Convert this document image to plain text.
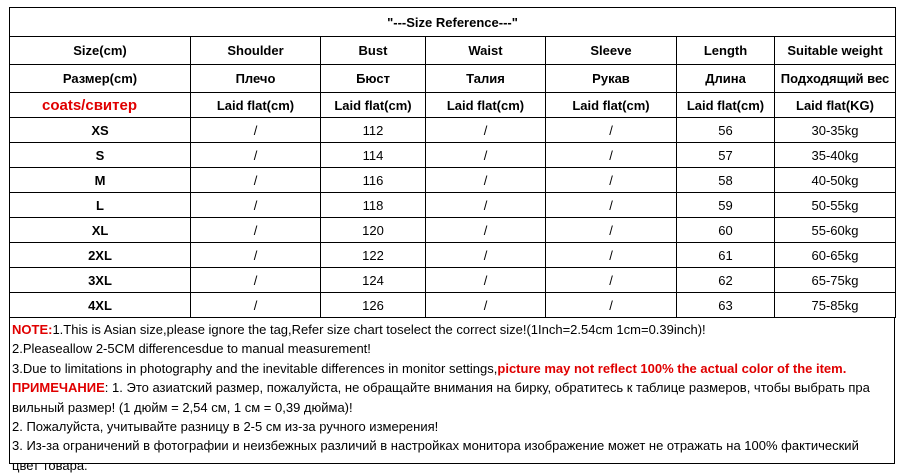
"---Size Reference---"						
Size(cm)	Shoulder	Bust	Waist	Sleeve	Length	Suitable weight
Размер(cm)	Плечо	Бюст	Талия	Рукав	Длина	Подходящий вес
coats/свитер	Laid flat(cm)	Laid flat(cm)	Laid flat(cm)	Laid flat(cm)	Laid flat(cm)	Laid flat(KG)
XS	/	112	/	/	56	30-35kg
S	/	114	/	/	57	35-40kg
M	/	116	/	/	58	40-50kg
L	/	118	/	/	59	50-55kg
XL	/	120	/	/	60	55-60kg
2XL	/	122	/	/	61	60-65kg
3XL	/	124	/	/	62	65-75kg
4XL	/	126	/	/	63	75-85kg

NOTE:1.This is Asian size,please ignore the tag,Refer size chart toselect the correct size!(1Inch=2.54cm 1cm=0.39inch)!

2.Pleaseallow 2-5CM differencesdue to manual measurement!

3.Due to limitations in photography and the inevitable differences in monitor settings,picture may not reflect 100% the actual color of the item.

ПРИМЕЧАНИЕ: 1. Это азиатский размер, пожалуйста, не обращайте внимания на бирку, обратитесь к таблице размеров, чтобы выбрать пра

вильный размер! (1 дюйм = 2,54 см, 1 см = 0,39 дюйма)!

2. Пожалуйста, учитывайте разницу в 2-5 см из-за ручного измерения!

3. Из-за ограничений в фотографии и неизбежных различий в настройках монитора изображение может не отражать на 100% фактический

цвет товара.
